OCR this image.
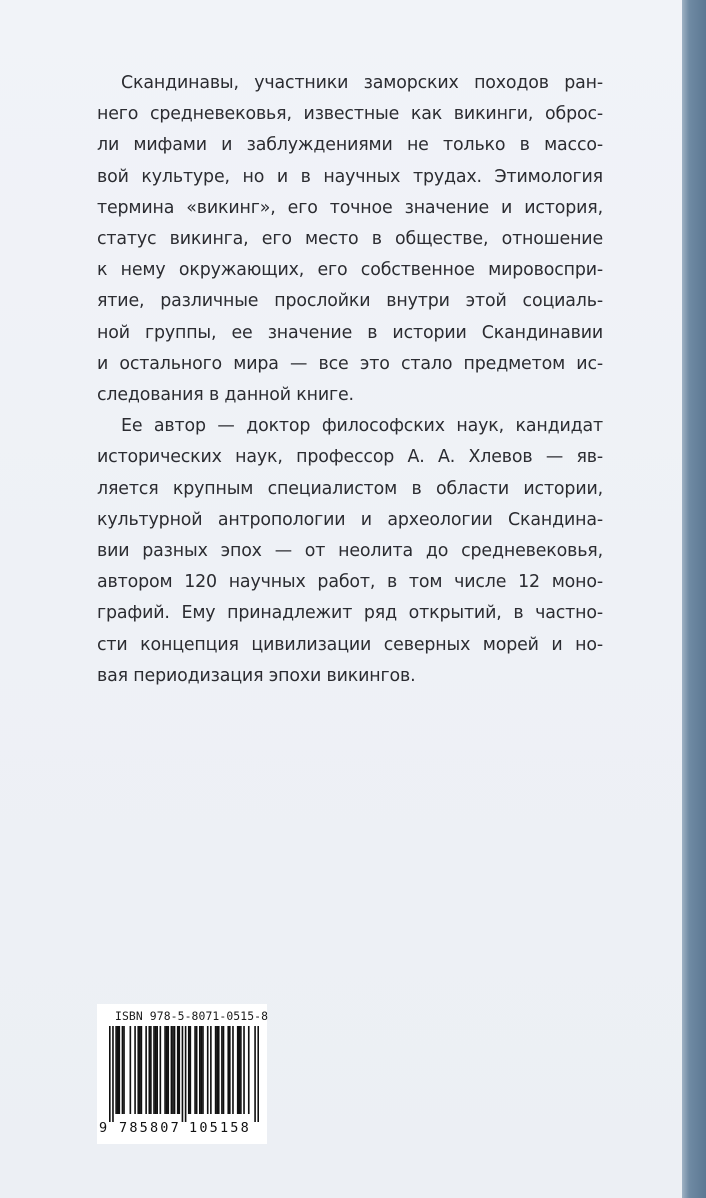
Скандинавы, участники заморских походов ран-
него средневековья, известные как викинги, оброс-
ли мифами и заблуждениями не только в массо-
вой культуре, но и в научных трудах. Этимология
термина «викинг», его точное значение и история,
статус викинга, его место в обществе, отношение
к нему окружающих, его собственное мировоспри-
ятие, различные прослойки внутри этой социаль-
ной группы, ее значение в истории Скандинавии
и остального мира — все это стало предметом ис-
следования в данной книге.
Ее автор — доктор философских наук, кандидат
исторических наук, профессор А. А. Хлевов — яв-
ляется крупным специалистом в области истории,
культурной антропологии и археологии Скандина-
вии разных эпох — от неолита до средневековья,
автором 120 научных работ, в том числе 12 моно-
графий. Ему принадлежит ряд открытий, в частно-
сти концепция цивилизации северных морей и но-
вая периодизация эпохи викингов.
ISBN 978-5-8071-0515-8
9 785807 105158
